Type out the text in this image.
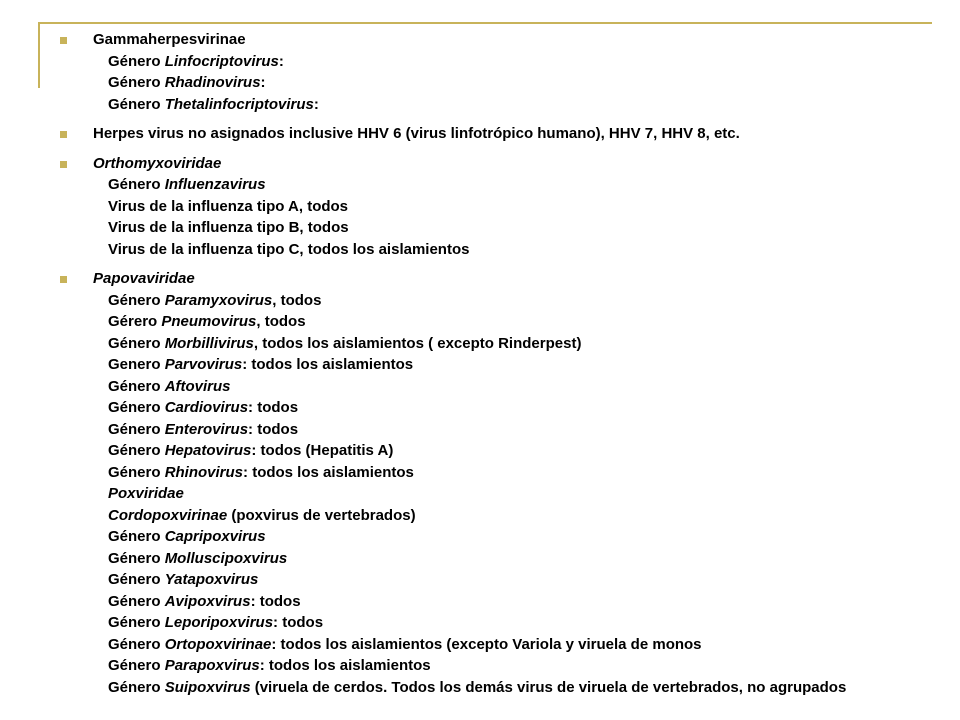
Gammaherpesvirinae
Género Linfocriptovirus:
Género Rhadinovirus:
Género Thetalinfocriptovirus:
Herpes virus no asignados inclusive HHV 6 (virus linfotrópico humano), HHV 7, HHV 8, etc.
Orthomyxoviridae
Género Influenzavirus
Virus de la influenza tipo A, todos
Virus de la influenza tipo B, todos
Virus de la influenza tipo C, todos los aislamientos
Papovaviridae
Género Paramyxovirus, todos
Gérero Pneumovirus, todos
Género Morbillivirus, todos los aislamientos ( excepto Rinderpest)
Genero Parvovirus: todos los aislamientos
Género Aftovirus
Género Cardiovirus: todos
Género Enterovirus: todos
Género Hepatovirus: todos (Hepatitis A)
Género Rhinovirus: todos los aislamientos
Poxviridae
Cordopoxvirinae (poxvirus de vertebrados)
Género Capripoxvirus
Género Molluscipoxvirus
Género Yatapoxvirus
Género Avipoxvirus: todos
Género Leporipoxvirus: todos
Género Ortopoxvirinae: todos los aislamientos (excepto Variola y viruela de monos
Género Parapoxvirus: todos los aislamientos
Género Suipoxvirus (viruela de cerdos. Todos los demás virus de viruela de vertebrados, no agrupados
